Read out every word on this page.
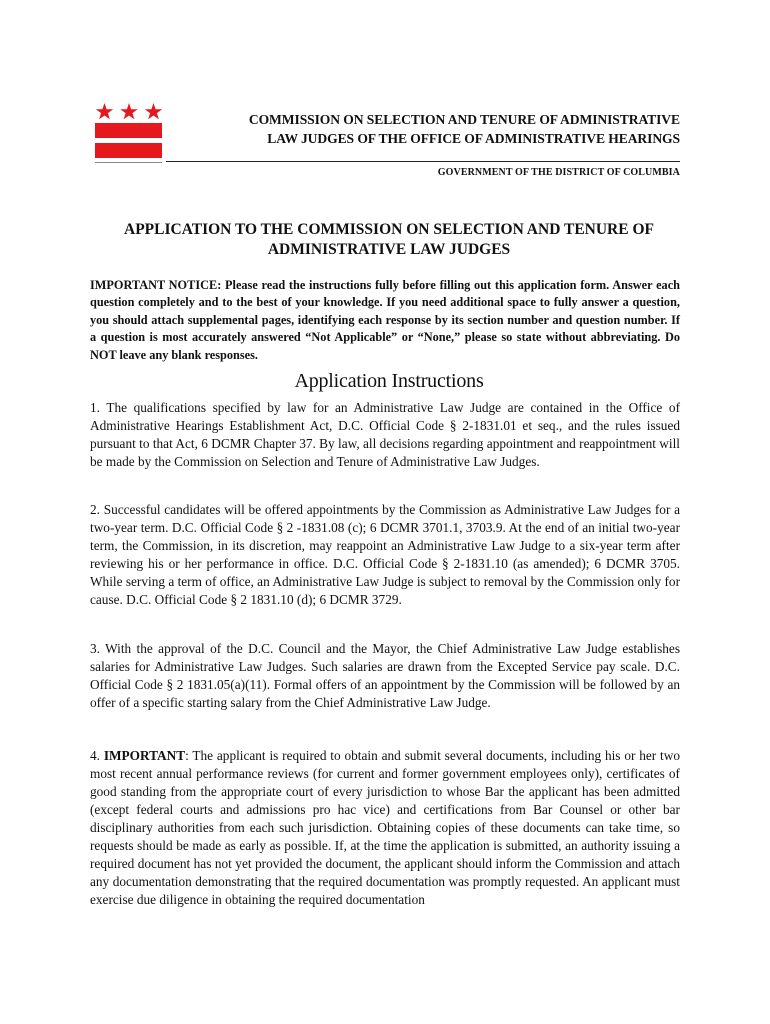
COMMISSION ON SELECTION AND TENURE OF ADMINISTRATIVE
LAW JUDGES OF THE OFFICE OF ADMINISTRATIVE HEARINGS
GOVERNMENT OF THE DISTRICT OF COLUMBIA
APPLICATION TO THE COMMISSION ON SELECTION AND TENURE OF
ADMINISTRATIVE LAW JUDGES
IMPORTANT NOTICE: Please read the instructions fully before filling out this application form. Answer each question completely and to the best of your knowledge. If you need additional space to fully answer a question, you should attach supplemental pages, identifying each response by its section number and question number. If a question is most accurately answered “Not Applicable” or “None,” please so state without abbreviating. Do NOT leave any blank responses.
Application Instructions
1. The qualifications specified by law for an Administrative Law Judge are contained in the Office of Administrative Hearings Establishment Act, D.C. Official Code § 2-1831.01 et seq., and the rules issued pursuant to that Act, 6 DCMR Chapter 37. By law, all decisions regarding appointment and reappointment will be made by the Commission on Selection and Tenure of Administrative Law Judges.
2. Successful candidates will be offered appointments by the Commission as Administrative Law Judges for a two-year term. D.C. Official Code § 2 -1831.08 (c); 6 DCMR 3701.1, 3703.9. At the end of an initial two-year term, the Commission, in its discretion, may reappoint an Administrative Law Judge to a six-year term after reviewing his or her performance in office. D.C. Official Code § 2-1831.10 (as amended); 6 DCMR 3705. While serving a term of office, an Administrative Law Judge is subject to removal by the Commission only for cause. D.C. Official Code § 2 1831.10 (d); 6 DCMR 3729.
3. With the approval of the D.C. Council and the Mayor, the Chief Administrative Law Judge establishes salaries for Administrative Law Judges. Such salaries are drawn from the Excepted Service pay scale. D.C. Official Code § 2 1831.05(a)(11). Formal offers of an appointment by the Commission will be followed by an offer of a specific starting salary from the Chief Administrative Law Judge.
4. IMPORTANT: The applicant is required to obtain and submit several documents, including his or her two most recent annual performance reviews (for current and former government employees only), certificates of good standing from the appropriate court of every jurisdiction to whose Bar the applicant has been admitted (except federal courts and admissions pro hac vice) and certifications from Bar Counsel or other bar disciplinary authorities from each such jurisdiction. Obtaining copies of these documents can take time, so requests should be made as early as possible. If, at the time the application is submitted, an authority issuing a required document has not yet provided the document, the applicant should inform the Commission and attach any documentation demonstrating that the required documentation was promptly requested. An applicant must exercise due diligence in obtaining the required documentation
